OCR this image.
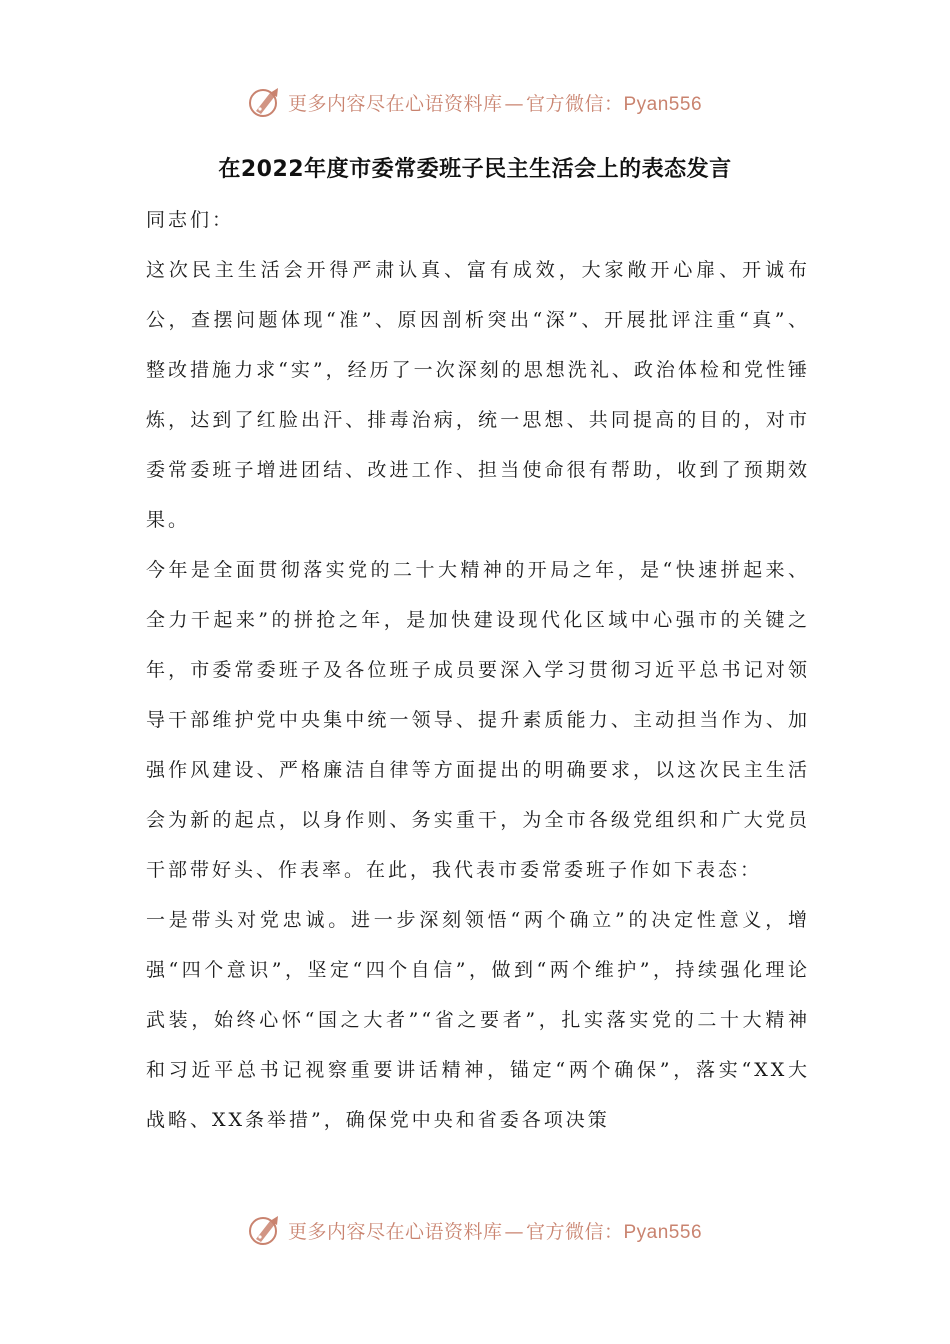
更多内容尽在心语资料库 — 官方微信：Pyan556
在2022年度市委常委班子民主生活会上的表态发言

同志们：

这次民主生活会开得严肃认真、富有成效，大家敞开心扉、开诚布公，查摆问题体现“准”、原因剖析突出“深”、开展批评注重“真”、整改措施力求“实”，经历了一次深刻的思想洗礼、政治体检和党性锤炼，达到了红脸出汗、排毒治病，统一思想、共同提高的目的，对市委常委班子增进团结、改进工作、担当使命很有帮助，收到了预期效果。

今年是全面贯彻落实党的二十大精神的开局之年，是“快速拼起来、全力干起来”的拼抢之年，是加快建设现代化区域中心强市的关键之年，市委常委班子及各位班子成员要深入学习贯彻习近平总书记对领导干部维护党中央集中统一领导、提升素质能力、主动担当作为、加强作风建设、严格廉洁自律等方面提出的明确要求，以这次民主生活会为新的起点，以身作则、务实重干，为全市各级党组织和广大党员干部带好头、作表率。在此，我代表市委常委班子作如下表态：

一是带头对党忠诚。进一步深刻领悟“两个确立”的决定性意义，增强“四个意识”，坚定“四个自信”，做到“两个维护”，持续强化理论武装，始终心怀“国之大者”“省之要者”，扎实落实党的二十大精神和习近平总书记视察重要讲话精神，锚定“两个确保”，落实“XX大战略、XX条举措”，确保党中央和省委各项决策

更多内容尽在心语资料库 — 官方微信：Pyan556
